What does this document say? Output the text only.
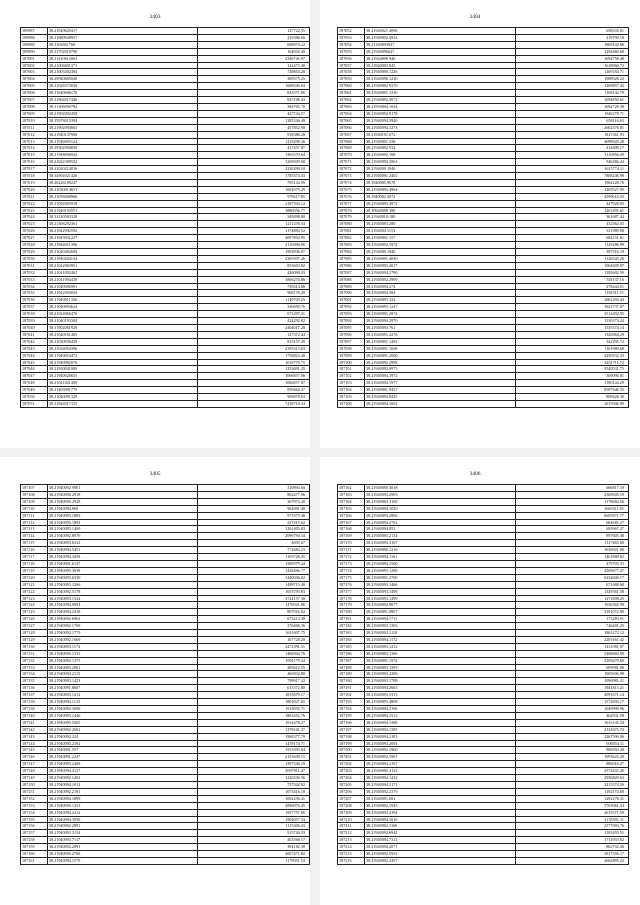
3403
189987	38.21920620417	147722.55
189988	38.21080928957	219386.66
189989	38.3163601768	608874.22
189990	38.21702010796	164954.49
187001	38.21410612862	2346745.97
187002	38.21606691371	122473.48
187003	38.21605402484	749854.26
187004	38.29940605040	309575.25
187005	38.21026573836	1668546.64
187006	38.31640606178	843571.86
187007	38.21964017446	825196.43
187008	38.31306056782	384765.70
187009	38.21902092458	447744.57
187010	38.35978015394	1185346.49
187011	38.21902094665	457852.90
187012	38.21940137908	918386.28
187013	38.21946003124	1219298.26
187014	38.29302004830	417457.87
187015	38.21948096042	1363570.64
187016	38.21022309532	1269509.68
187017	38.21020214016	2230290.10
187018	38.34904021426	1785374.43
187019	38.26426109247	795144.99
187020	38.21030014651	1601679.29
187021	38.21056068966	979617.85
187022	38.21092005918	2187504.12
187023	38.21940193551	1886956.77
187024	38.31230503328	349498.80
187025	38.21306292461	1211276.34
187026	38.21042092592	1174884.52
187027	38.21945031227	2097854.95
187028	38.21944011490	2116996.86
187029	38.21020402609	1902836.07
187030	38.21940204134	2365397.26
187031	38.21042003951	853603.82
187032	38.21041092462	426090.33
187033	38.21041094438	1866276.86
187034	38.21049006991	739314.68
187035	38.21042094034	968176.20
187036	38.31940011356	1140703.25
187037	38.21040094624	326658.76
187038	38.21024066476	671297.21
187039	38.21040193304	424292.82
187040	38.31902061929	2404017.28
187041	38.21040161465	147372.44
187042	38.21030056439	815157.49
187043	38.21024054396	2395313.03
187044	38.31940054472	1756823.40
187045	38.21940092076	1016779.75
187046	38.21930041000	1255691.25
187047	38.21940026655	1066857.06
187048	38.21041021409	1066857.87
187049	38.21403091775	859464.37
187050	38.21040091329	909878.63
187051	38.21944017335	7418710.34
3404
187052	38.21940021.4096	658335.01
187053	38.21940092.3924	419790.19
187054	38.21340093947	1869142.86
187055	38.21946096647	1294460.60
187056	38.21944008.946	1094758.48
187057	38.21940093.945	1618960.72
187058	38.21940090.1226	1269184.71
187059	38.21940090.1230	1908928.22
187060	38.21940092.9370	1269857.43
187061	38.21940091.1230	1168142.79
187062	38.21940092.3072	1694850.61
187063	38.21950004.1024	1094728.38
187064	38.21940092.9178	1946278.71
187065	38.21940094.5940	658116.63
187066	38.21940094.3273	2602376.81
187067	38.21940191.072	1817361.93
187068	38.21949091.338	4098929.28
187069	38.21940092.932	214498.17
187070	38.21940092.198	3116856.49
187071	38.21940093.2963	946286.44
187072	38.2194009.1940	1615774.11
187073	38.21940091.2402	7868246.99
187074	38.3940085.9678	1964128.76
187075	38.21940093.4964	1265527.95
187076	38.1940002.4972	4599616.03
187077	38.21940093.4972	447928.83
187078	38.30940098.386	1201495.61
187079	38.21940018.180	361687.44
187080	38.21940093.280	432562.03
187081	38.2194004.1153	311989.08
187082	38.21940091.157	684151.61
187083	38.21940092.1972	1329286.99
187084	38.2194009.1940	397516.19
187085	38.21940091.4030	1126545.26
187086	38.21940093.4017	1064605.97
187087	38.21940094.2790	1395602.50
187088	38.21940092.2999	541137.16
187089	38.21940094.274	278444.01
187090	38.21940094.384	1181011.51
187091	38.21940093.324	2661294.44
187092	38.21940093.1247	1921737.07
187093	38.21940091.2874	3512492.95
187094	38.21940094.2970	1530373.24
187095	38.21940093.761	1535374.14
187096	38.21940091.2276	1326964.29
187097	38.21940091.1492	342295.72
187098	38.21940091.1698	1161980.68
187099	38.21940091.2000	3450532.33
187100	38.21940092.2998	3451711.72
187101	38.21940092.9973	3540531.75
187102	38.21940094.1972	369096.81
187103	38.21940094.1977	1180144.29
187104	38.21940091.9457	8587646.55
187105	38.21940094.8445	808426.38
187106	38.21940094.1692	2615946.99
3405
187107	38.21940092.9901	319894.60
187108	38.21940090.2918	802477.96
187109	38.21940093.2928	367974.20
187110	38.21940094.868	964991.40
187111	38.21940093.1883	975379.48
187112	38.21940093.1894	227415.62
187113	38.21940093.1469	1261405.03
187114	38.21940092.8976	2096794.34
187115	38.21940093.6332	4695.67
187116	38.21940094.5451	772684.23
187117	38.21940094.3458	1105726.45
187118	38.21940091.6147	1569979.24
187119	38.21940093.3638	1438466.77
187120	38.21940093.6330	1440036.02
187121	38.21940093.2266	1498715.40
187122	38.21940092.5178	1653793.83
187123	38.21940093.1324	3724157.38
187124	38.21940094.9994	1476921.86
187125	38.21940094.2418	897016.82
187126	38.21940092.6962	675213.38
187127	38.21940092.1769	376468.36
187128	38.21940092.1775	1611607.75
187129	38.21940092.1669	167728.20
187130	38.21940093.1174	2472391.51
187131	38.21940093.1335	1466944.76
187132	38.21940092.1375	1991179.44
187133	38.21940093.2001	285612.55
187134	38.21940094.2115	466832.80
187135	38.21940093.1423	799917.22
187136	38.21940091.8607	615372.80
187137	38.21940093.1412	1815679.17
187138	38.21940094.1123	1801027.65
187139	38.21940092.3006	1913055.71
187140	38.21940093.1446	1863452.76
187141	38.21940093.5505	1914478.27
187142	38.21940092.2602	1378101.37
187143	38.21940092.224	1968377.79
187144	38.21940093.2392	1478174.71
187145	38.21940091.557	1533393.04
187146	38.21940091.2247	2153638.15
187147	38.21940093.2468	1397346.19
187148	38.21940094.4127	2697811.47
187149	38.21940092.1402	1226536.56
187150	38.21940094.1012	757942.82
187151	38.21940092.2101	1073416.18
187152	38.21940094.1899	1002236.41
187153	38.21940093.1253	2896076.45
187154	38.21940094.2412	1957757.66
187155	38.21940094.3956	1904057.54
187156	38.21940092.2891	1115306.43
187157	38.21940093.3134	915740.33
187158	38.21940093.7117	463366.17
187159	38.21940092.2091	394182.38
187160	38.21940093.2768	2007471.82
187161	38.21940094.1579	1179951.54
3406
187162	38.21940090.3018	666817.19
187163	38.21940093.2905	2369945.19
187164	38.21940094.3168	1178684.56
187165	38.21940094.1020	3663511.81
187166	38.21940093.2866	6695871.77
187167	38.21940094.2761	684681.27
187168	38.21940094.852	695967.47
187169	38.21940091.2134	897605.48
187170	38.21940093.3167	1117465.60
187171	38.21940090.1216	1616921.06
187172	38.21940094.1161	1461880.82
187173	38.21940094.2500	479705.33
187174	38.21940093.1290	4269677.47
187175	38.21940091.2700	6232606.17
187176	38.21940093.1466	671688.68
187177	38.21940093.1499	1349361.58
187178	38.21940093.1499	1271808.25
187179	38.21940092.9677	1936365.99
187180	38.21940091.8807	3391072.86
187181	38.21940094.1711	175283.01
187182	38.21940093.1303	746401.25
187183	38.21940092.1118	1863272.12
187184	38.21940094.1172	2205161.42
187185	38.21940093.1412	1431081.87
187186	38.21940093.1386	5468684.99
187187	38.21940091.1974	2209479.60
187188	38.21940093.1593	609981.96
187189	38.21940093.2206	1965606.98
187190	38.21940093.1708	1096981.21
187191	38.21940094.2663	1941815.21
187192	38.21940093.5313	2091671.14
187193	38.21940093.4808	1572693.17
187194	38.21940094.2196	1049999.96
187195	38.21940094.2512	462931.58
187196	38.21940094.1396	1615145.24
187197	38.21940094.1385	2132675.72
187198	38.21940094.2183	1267596.96
187199	38.21940093.2094	606854.11
187200	38.21940092.1960	886950.28
187201	38.21940092.1967	1993622.28
187202	38.21940094.2167	886016.27
187203	38.21940092.3122	2572435.20
187204	38.21940094.1432	2936820.63
187205	38.21940094.2171	2415574.36
187206	38.21940092.2379	1192174.68
187207	38.21940091.681	1292278.31
187208	38.21940092.1945	3763061.34
187209	38.21940094.4194	2615571.59
187210	38.21940094.1016	3135501.11
187211	38.21940092.1166	2577093.76
187212	38.21940092.6944	1183455.51
187213	38.21940094.7312	1711953.82
187214	38.21940092.2071	862702.46
187215	38.21940092.5952	2817556.17
187216	38.21940092.2297	2662895.22
